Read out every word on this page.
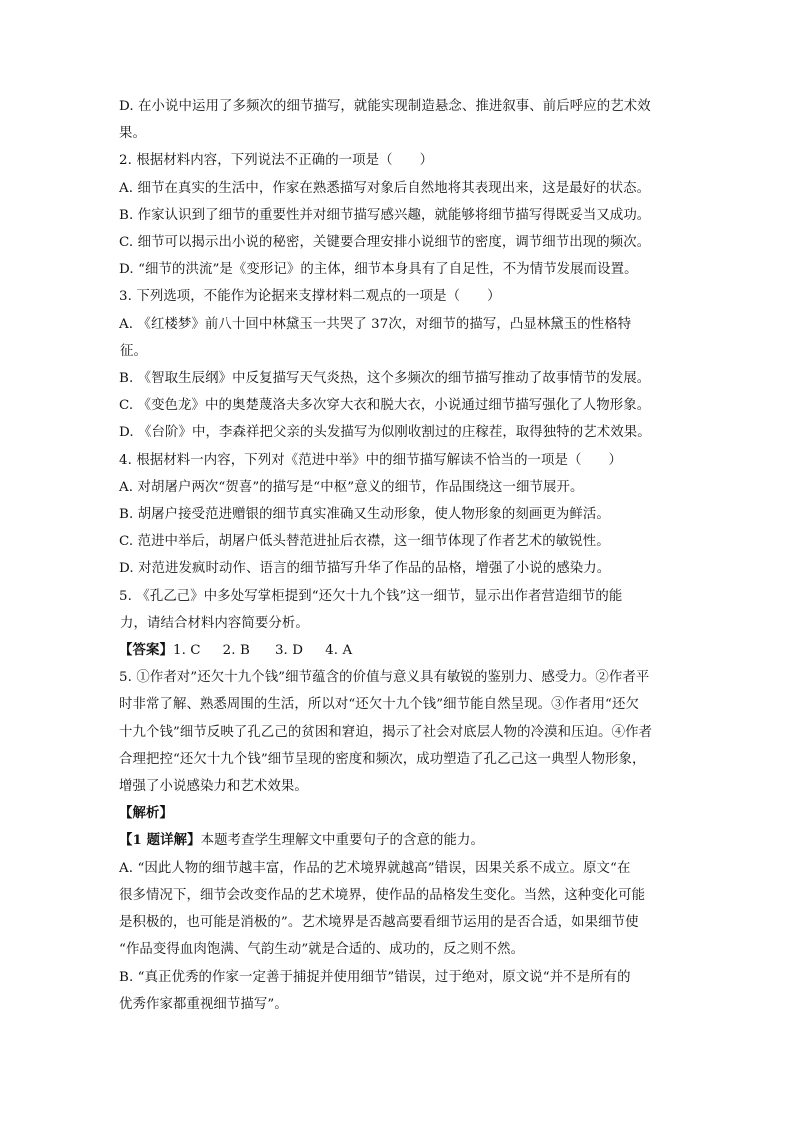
D. 在小说中运用了多频次的细节描写，就能实现制造悬念、推进叙事、前后呼应的艺术效
果。
2. 根据材料内容，下列说法不正确的一项是（　　）
A. 细节在真实的生活中，作家在熟悉描写对象后自然地将其表现出来，这是最好的状态。
B. 作家认识到了细节的重要性并对细节描写感兴趣，就能够将细节描写得既妥当又成功。
C. 细节可以揭示出小说的秘密，关键要合理安排小说细节的密度，调节细节出现的频次。
D. “细节的洪流”是《变形记》的主体，细节本身具有了自足性，不为情节发展而设置。
3. 下列选项，不能作为论据来支撑材料二观点的一项是（　　）
A. 《红楼梦》前八十回中林黛玉一共哭了 37次，对细节的描写，凸显林黛玉的性格特
征。
B. 《智取生辰纲》中反复描写天气炎热，这个多频次的细节描写推动了故事情节的发展。
C. 《变色龙》中的奥楚蔑洛夫多次穿大衣和脱大衣，小说通过细节描写强化了人物形象。
D. 《台阶》中，李森祥把父亲的头发描写为似刚收割过的庄稼茬，取得独特的艺术效果。
4. 根据材料一内容，下列对《范进中举》中的细节描写解读不恰当的一项是（　　）
A. 对胡屠户两次“贺喜”的描写是“中枢”意义的细节，作品围绕这一细节展开。
B. 胡屠户接受范进赠银的细节真实准确又生动形象，使人物形象的刻画更为鲜活。
C. 范进中举后，胡屠户低头替范进扯后衣襟，这一细节体现了作者艺术的敏锐性。
D. 对范进发疯时动作、语言的细节描写升华了作品的品格，增强了小说的感染力。
5. 《孔乙己》中多处写掌柜提到“还欠十九个钱”这一细节，显示出作者营造细节的能
力，请结合材料内容简要分析。
【答案】1. C 2. B 3. D 4. A
5. ①作者对”还欠十九个钱”细节蕴含的价值与意义具有敏锐的鉴别力、感受力。②作者平
时非常了解、熟悉周围的生活，所以对“还欠十九个钱”细节能自然呈现。③作者用“还欠
十九个钱”细节反映了孔乙己的贫困和窘迫，揭示了社会对底层人物的冷漠和压迫。④作者
合理把控“还欠十九个钱”细节呈现的密度和频次，成功塑造了孔乙己这一典型人物形象，
增强了小说感染力和艺术效果。
【解析】
【1 题详解】本题考查学生理解文中重要句子的含意的能力。
A. “因此人物的细节越丰富，作品的艺术境界就越高”错误，因果关系不成立。原文“在
很多情况下，细节会改变作品的艺术境界，使作品的品格发生变化。当然，这种变化可能
是积极的，也可能是消极的”。艺术境界是否越高要看细节运用的是否合适，如果细节使
“作品变得血肉饱满、气韵生动”就是合适的、成功的，反之则不然。
B. “真正优秀的作家一定善于捕捉并使用细节”错误，过于绝对，原文说“并不是所有的
优秀作家都重视细节描写”。
